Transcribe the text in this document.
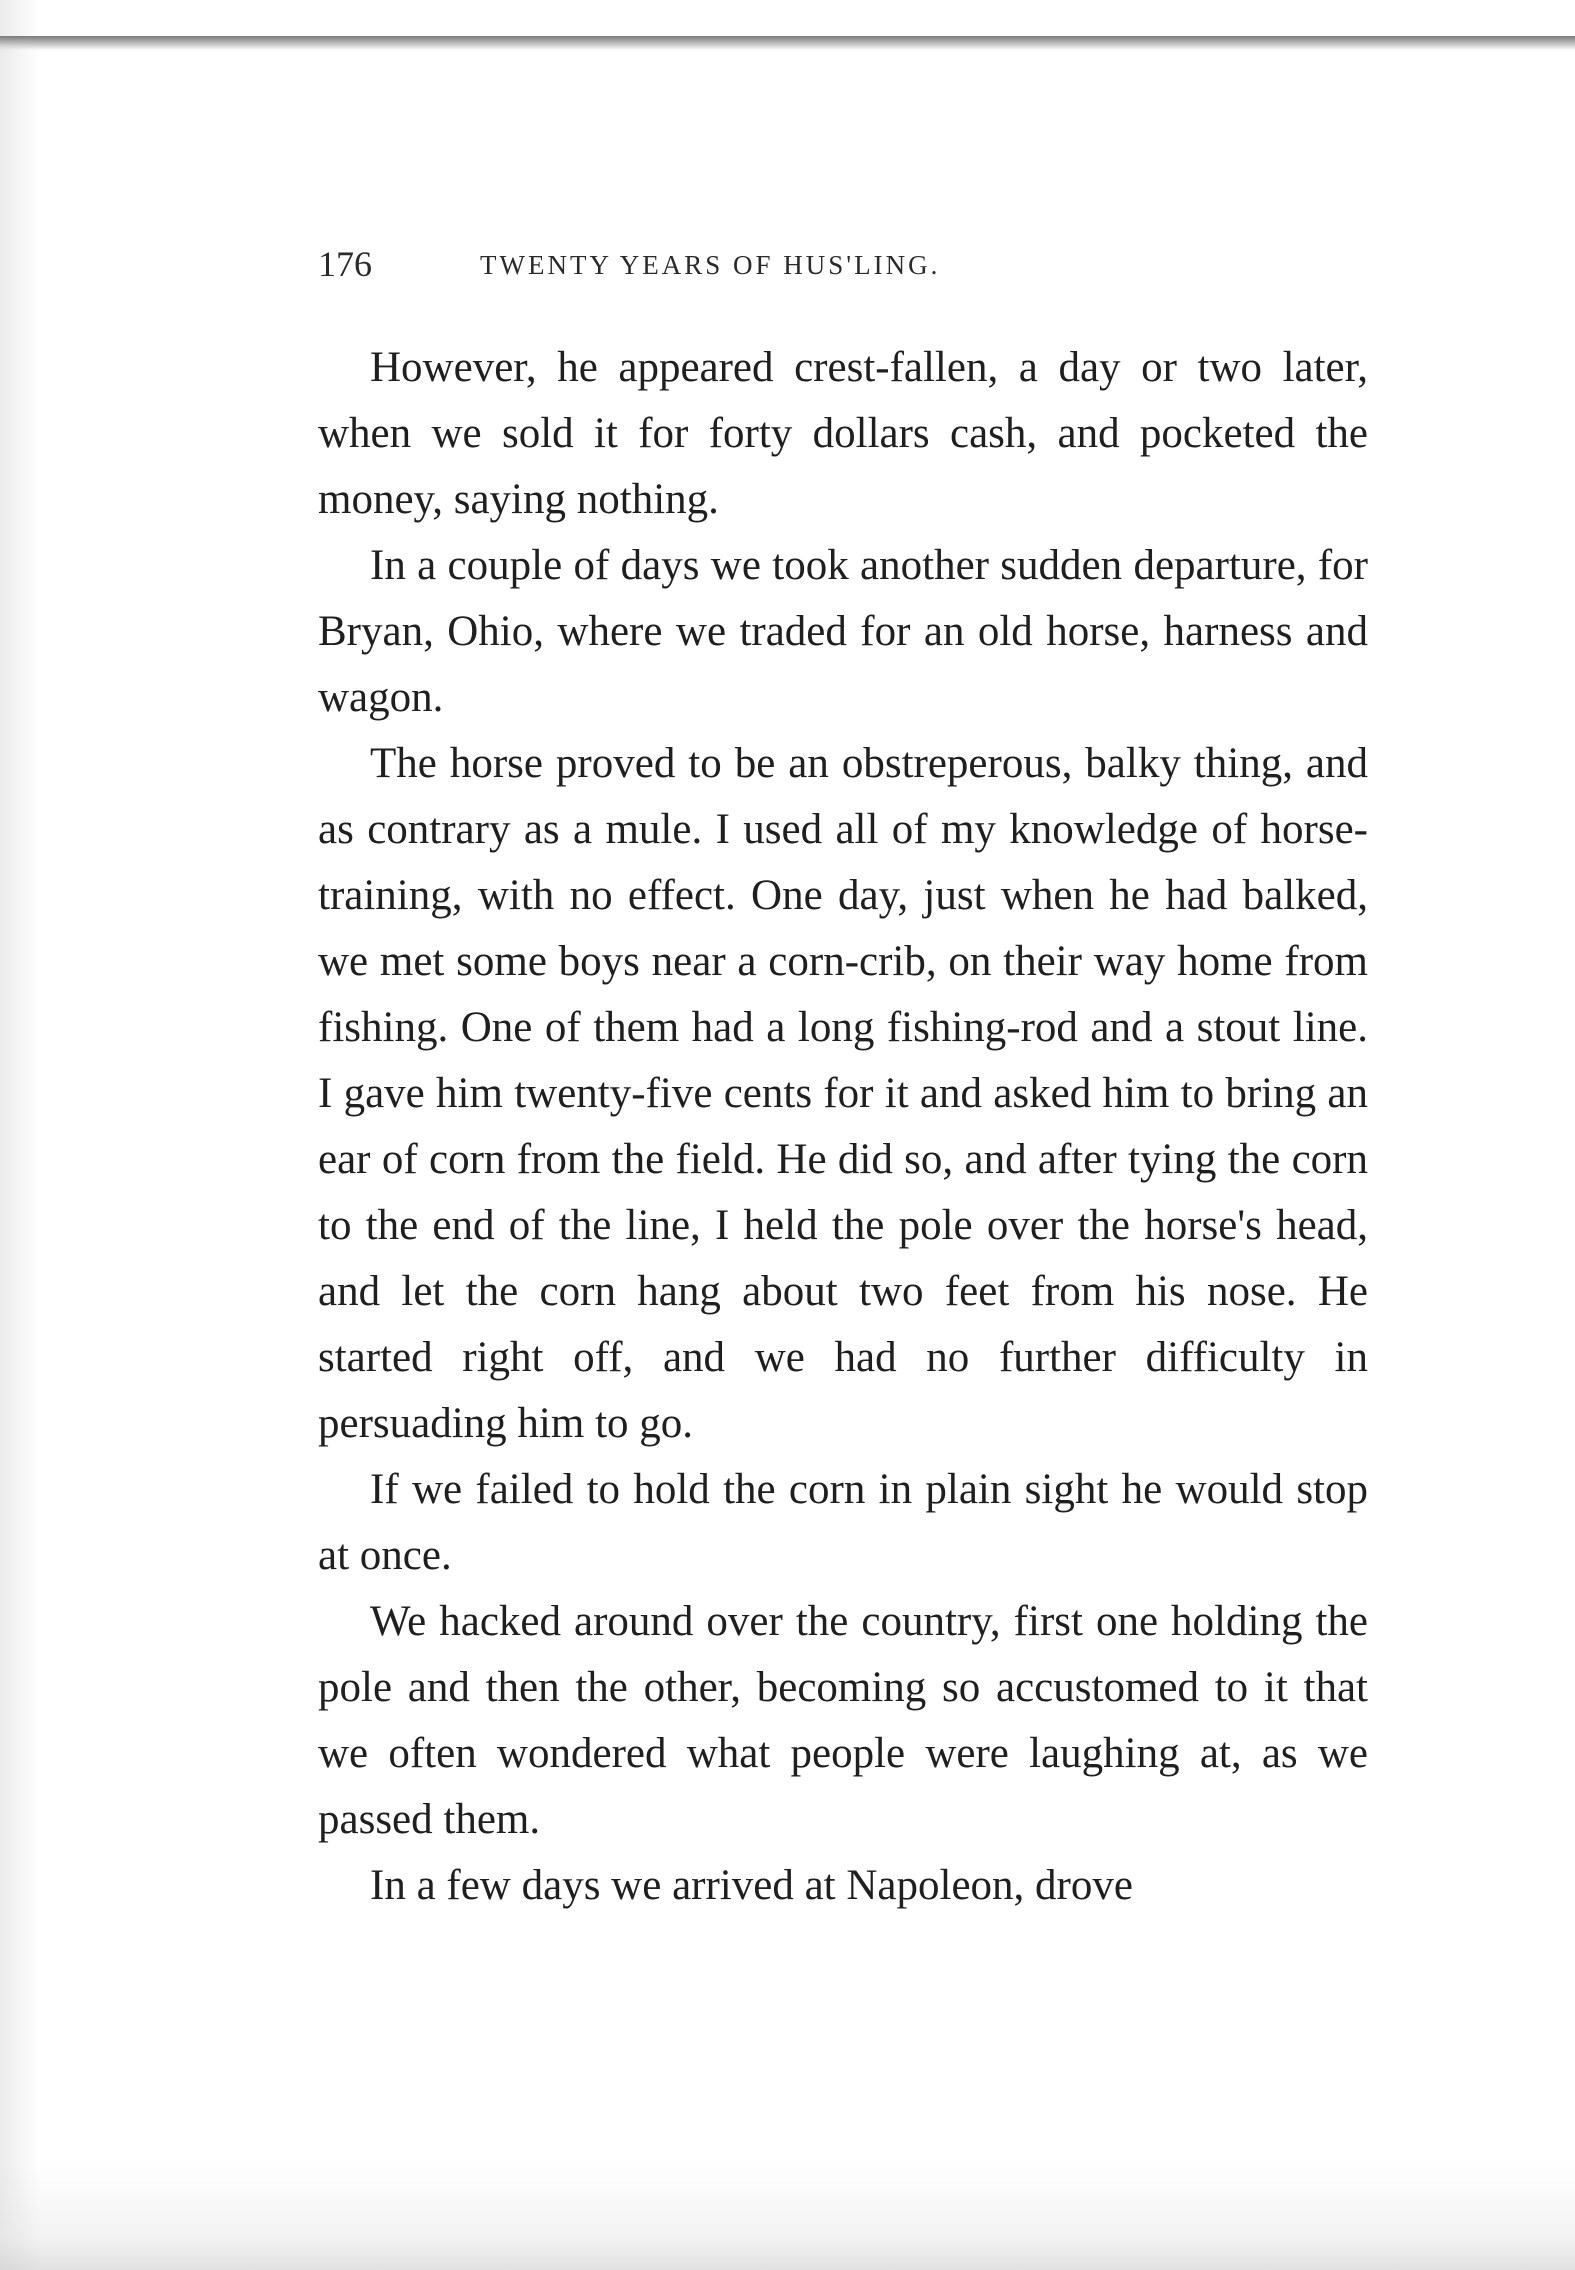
176	TWENTY YEARS OF HUS'LING.

However, he appeared crest-fallen, a day or two later, when we sold it for forty dollars cash, and pocketed the money, saying nothing.

In a couple of days we took another sudden departure, for Bryan, Ohio, where we traded for an old horse, harness and wagon.

The horse proved to be an obstreperous, balky thing, and as contrary as a mule. I used all of my knowledge of horse-training, with no effect. One day, just when he had balked, we met some boys near a corn-crib, on their way home from fishing. One of them had a long fishing-rod and a stout line. I gave him twenty-five cents for it and asked him to bring an ear of corn from the field. He did so, and after tying the corn to the end of the line, I held the pole over the horse's head, and let the corn hang about two feet from his nose. He started right off, and we had no further difficulty in persuading him to go.

If we failed to hold the corn in plain sight he would stop at once.

We hacked around over the country, first one holding the pole and then the other, becoming so accustomed to it that we often wondered what people were laughing at, as we passed them.

In a few days we arrived at Napoleon, drove
